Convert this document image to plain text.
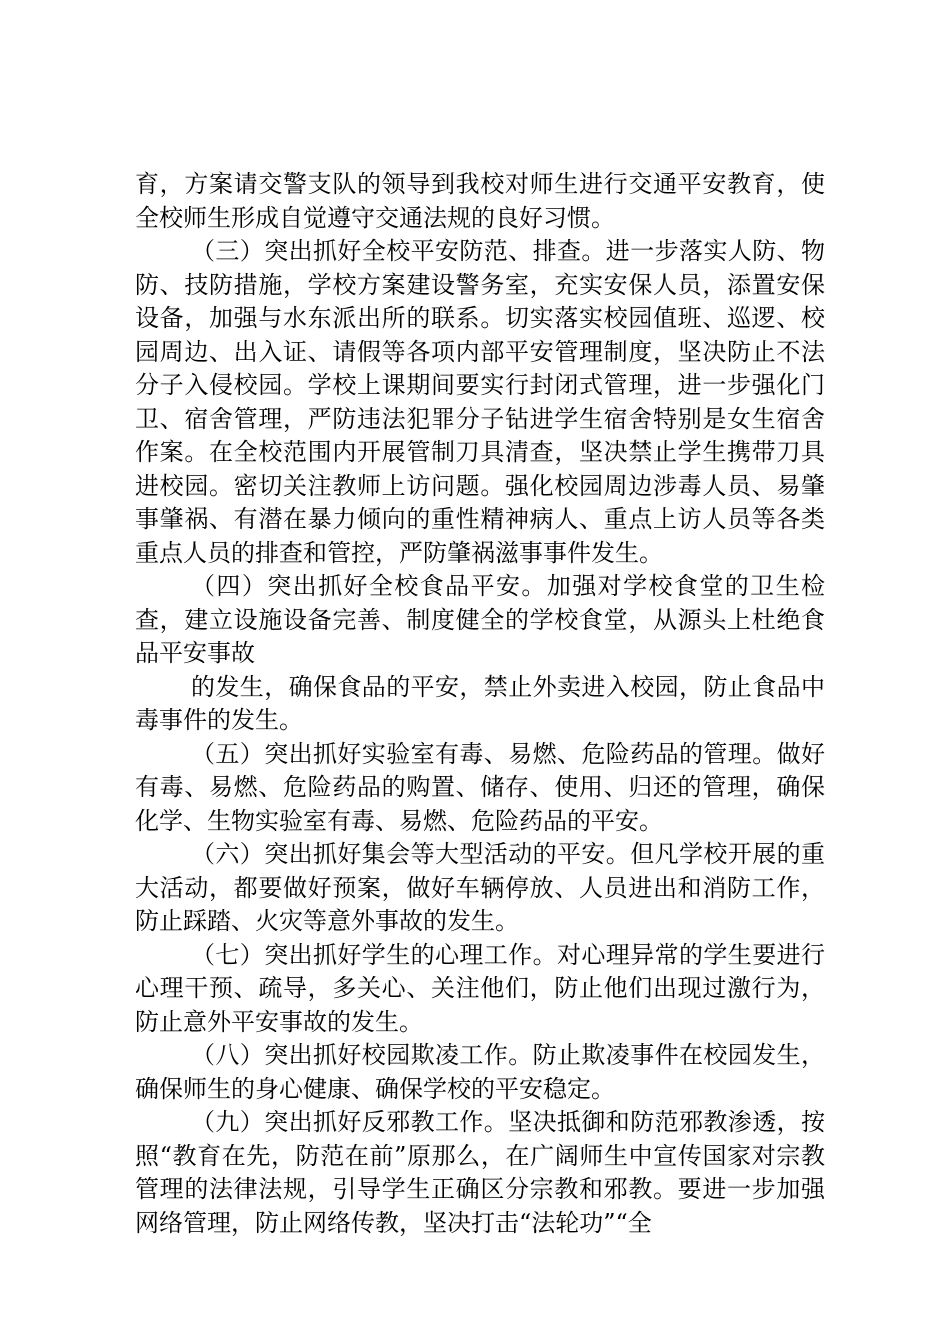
育，方案请交警支队的领导到我校对师生进行交通平安教育，使全校师生形成自觉遵守交通法规的良好习惯。

（三）突出抓好全校平安防范、排查。进一步落实人防、物防、技防措施，学校方案建设警务室，充实安保人员，添置安保设备，加强与水东派出所的联系。切实落实校园值班、巡逻、校园周边、出入证、请假等各项内部平安管理制度，坚决防止不法分子入侵校园。学校上课期间要实行封闭式管理，进一步强化门卫、宿舍管理，严防违法犯罪分子钻进学生宿舍特别是女生宿舍作案。在全校范围内开展管制刀具清查，坚决禁止学生携带刀具进校园。密切关注教师上访问题。强化校园周边涉毒人员、易肇事肇祸、有潜在暴力倾向的重性精神病人、重点上访人员等各类重点人员的排查和管控，严防肇祸滋事事件发生。

（四）突出抓好全校食品平安。加强对学校食堂的卫生检查，建立设施设备完善、制度健全的学校食堂，从源头上杜绝食品平安事故

的发生，确保食品的平安，禁止外卖进入校园，防止食品中毒事件的发生。

（五）突出抓好实验室有毒、易燃、危险药品的管理。做好有毒、易燃、危险药品的购置、储存、使用、归还的管理，确保化学、生物实验室有毒、易燃、危险药品的平安。

（六）突出抓好集会等大型活动的平安。但凡学校开展的重大活动，都要做好预案，做好车辆停放、人员进出和消防工作，防止踩踏、火灾等意外事故的发生。

（七）突出抓好学生的心理工作。对心理异常的学生要进行心理干预、疏导，多关心、关注他们，防止他们出现过激行为，防止意外平安事故的发生。

（八）突出抓好校园欺凌工作。防止欺凌事件在校园发生，确保师生的身心健康、确保学校的平安稳定。

（九）突出抓好反邪教工作。坚决抵御和防范邪教渗透，按照“教育在先，防范在前”原那么，在广阔师生中宣传国家对宗教管理的法律法规，引导学生正确区分宗教和邪教。要进一步加强网络管理，防止网络传教，坚决打击“法轮功”“全
